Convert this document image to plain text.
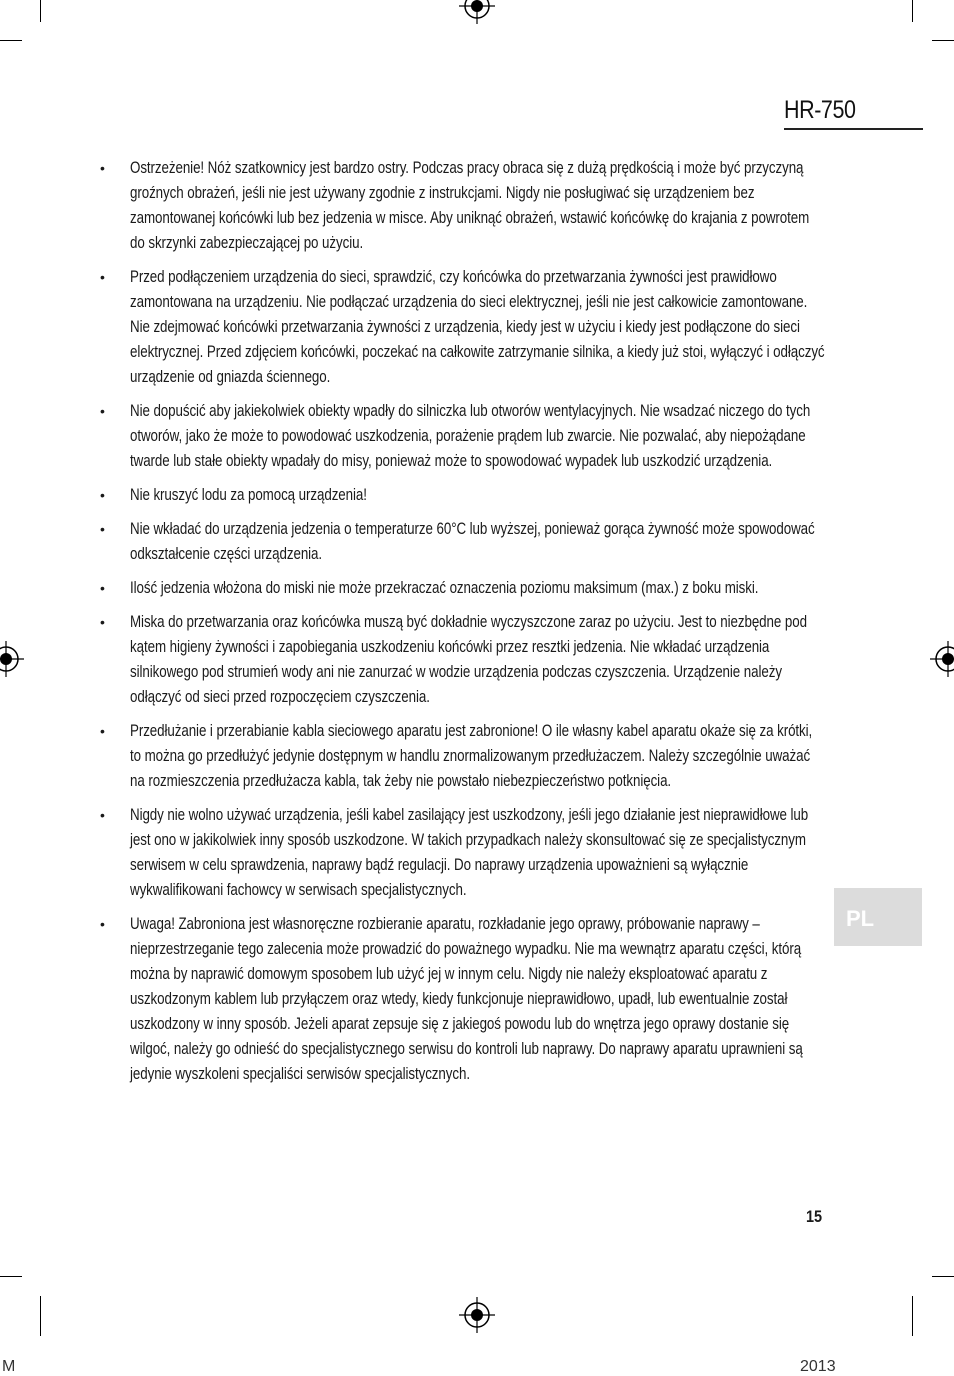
HR-750
• Ostrzeżenie! Nóż szatkownicy jest bardzo ostry. Podczas pracy obraca się z dużą prędkością i może być przyczyną groźnych obrażeń, jeśli nie jest używany zgodnie z instrukcjami. Nigdy nie posługiwać się urządzeniem bez zamontowanej końcówki lub bez jedzenia w misce. Aby uniknąć obrażeń, wstawić końcówkę do krajania z powrotem do skrzynki zabezpieczającej po użyciu.
• Przed podłączeniem urządzenia do sieci, sprawdzić, czy końcówka do przetwarzania żywności jest prawidłowo zamontowana na urządzeniu. Nie podłączać urządzenia do sieci elektrycznej, jeśli nie jest całkowicie zamontowane. Nie zdejmować końcówki przetwarzania żywności z urządzenia, kiedy jest w użyciu i kiedy jest podłączone do sieci elektrycznej. Przed zdjęciem końcówki, poczekać na całkowite zatrzymanie silnika, a kiedy już stoi, wyłączyć i odłączyć urządzenie od gniazda ściennego.
• Nie dopuścić aby jakiekolwiek obiekty wpadły do silniczka lub otworów wentylacyjnych. Nie wsadzać niczego do tych otworów, jako że może to powodować uszkodzenia, porażenie prądem lub zwarcie. Nie pozwalać, aby niepożądane twarde lub stałe obiekty wpadały do misy, ponieważ może to spowodować wypadek lub uszkodzić urządzenia.
• Nie kruszyć lodu za pomocą urządzenia!
• Nie wkładać do urządzenia jedzenia o temperaturze 60°C lub wyższej, ponieważ gorąca żywność może spowodować odkształcenie części urządzenia.
• Ilość jedzenia włożona do miski nie może przekraczać oznaczenia poziomu maksimum (max.) z boku miski.
• Miska do przetwarzania oraz końcówka muszą być dokładnie wyczyszczone zaraz po użyciu. Jest to niezbędne pod kątem higieny żywności i zapobiegania uszkodzeniu końcówki przez resztki jedzenia. Nie wkładać urządzenia silnikowego pod strumień wody ani nie zanurzać w wodzie urządzenia podczas czyszczenia. Urządzenie należy odłączyć od sieci przed rozpoczęciem czyszczenia.
• Przedłużanie i przerabianie kabla sieciowego aparatu jest zabronione! O ile własny kabel aparatu okaże się za krótki, to można go przedłużyć jedynie dostępnym w handlu znormalizowanym przedłużaczem. Należy szczególnie uważać na rozmieszczenia przedłużacza kabla, tak żeby nie powstało niebezpieczeństwo potknięcia.
• Nigdy nie wolno używać urządzenia, jeśli kabel zasilający jest uszkodzony, jeśli jego działanie jest nieprawidłowe lub jest ono w jakikolwiek inny sposób uszkodzone. W takich przypadkach należy skonsultować się ze specjalistycznym serwisem w celu sprawdzenia, naprawy bądź regulacji. Do naprawy urządzenia upoważnieni są wyłącznie wykwalifikowani fachowcy w serwisach specjalistycznych.
• Uwaga! Zabroniona jest własnoręczne rozbieranie aparatu, rozkładanie jego oprawy, próbowanie naprawy – nieprzestrzeganie tego zalecenia może prowadzić do poważnego wypadku. Nie ma wewnątrz aparatu części, którą można by naprawić domowym sposobem lub użyć jej w innym celu. Nigdy nie należy eksploatować aparatu z uszkodzonym kablem lub przyłączem oraz wtedy, kiedy funkcjonuje nieprawidłowo, upadł, lub ewentualnie został uszkodzony w inny sposób. Jeżeli aparat zepsuje się z jakiegoś powodu lub do wnętrza jego oprawy dostanie się wilgoć, należy go odnieść do specjalistycznego serwisu do kontroli lub naprawy. Do naprawy aparatu uprawnieni są jedynie wyszkoleni specjaliści serwisów specjalistycznych.
PL
15
M	2013
